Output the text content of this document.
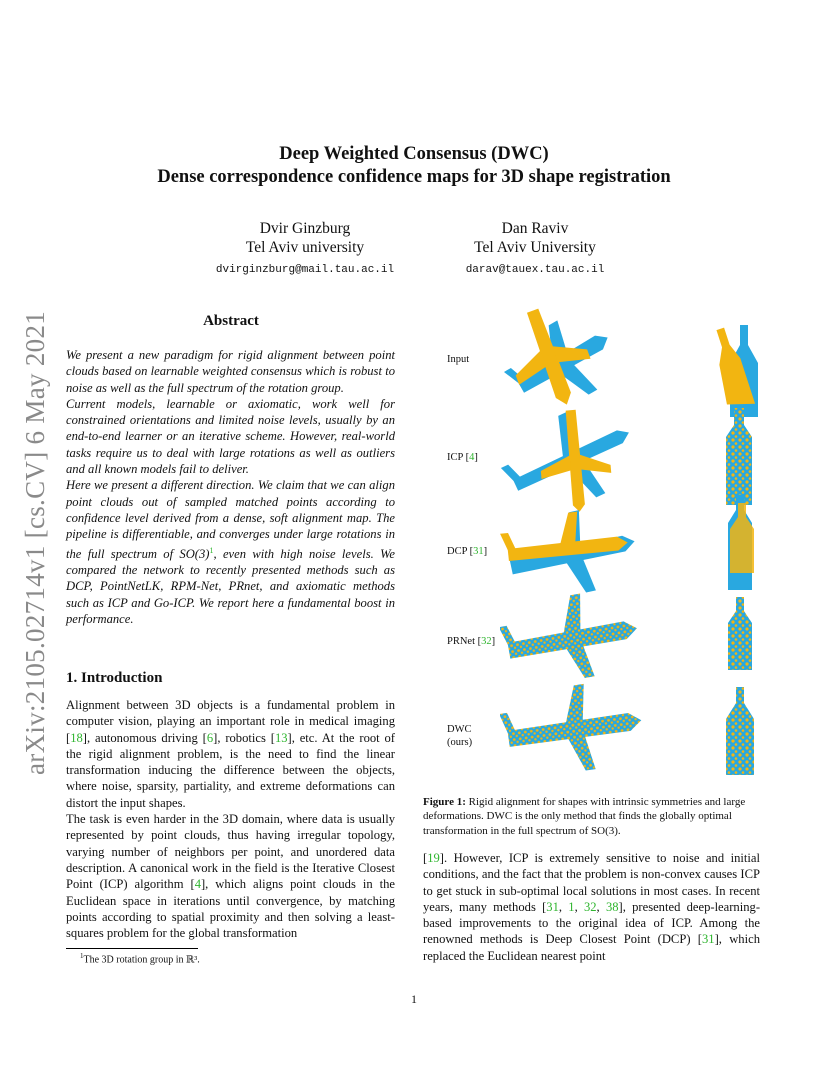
arXiv:2105.02714v1 [cs.CV] 6 May 2021
Deep Weighted Consensus (DWC)
Dense correspondence confidence maps for 3D shape registration
Dvir Ginzburg
Tel Aviv university
dvirginzburg@mail.tau.ac.il
Dan Raviv
Tel Aviv University
darav@tauex.tau.ac.il
Abstract
We present a new paradigm for rigid alignment between point clouds based on learnable weighted consensus which is robust to noise as well as the full spectrum of the rotation group.
Current models, learnable or axiomatic, work well for constrained orientations and limited noise levels, usually by an end-to-end learner or an iterative scheme. However, real-world tasks require us to deal with large rotations as well as outliers and all known models fail to deliver.
Here we present a different direction. We claim that we can align point clouds out of sampled matched points according to confidence level derived from a dense, soft alignment map. The pipeline is differentiable, and converges under large rotations in the full spectrum of SO(3)$^1$, even with high noise levels. We compared the network to recently presented methods such as DCP, PointNetLK, RPM-Net, PRnet, and axiomatic methods such as ICP and Go-ICP. We report here a fundamental boost in performance.
1. Introduction
Alignment between 3D objects is a fundamental problem in computer vision, playing an important role in medical imaging [18], autonomous driving [6], robotics [13], etc. At the root of the rigid alignment problem, is the need to find the linear transformation inducing the difference between the objects, where noise, sparsity, partiality, and extreme deformations can distort the input shapes.
The task is even harder in the 3D domain, where data is usually represented by point clouds, thus having irregular topology, varying number of neighbors per point, and unordered data description. A canonical work in the field is the Iterative Closest Point (ICP) algorithm [4], which aligns point clouds in the Euclidean space in iterations until convergence, by matching points according to spatial proximity and then solving a least-squares problem for the global transformation
$^1$The 3D rotation group in ℝ³.
Input
ICP [4]
DCP [31]
PRNet [32]
DWC
(ours)
Figure 1: Rigid alignment for shapes with intrinsic symmetries and large deformations. DWC is the only method that finds the globally optimal transformation in the full spectrum of SO(3).
[19]. However, ICP is extremely sensitive to noise and initial conditions, and the fact that the problem is non-convex causes ICP to get stuck in sub-optimal local solutions in most cases. In recent years, many methods [31, 1, 32, 38], presented deep-learning-based improvements to the original idea of ICP. Among the renowned methods is Deep Closest Point (DCP) [31], which replaced the Euclidean nearest point
1
